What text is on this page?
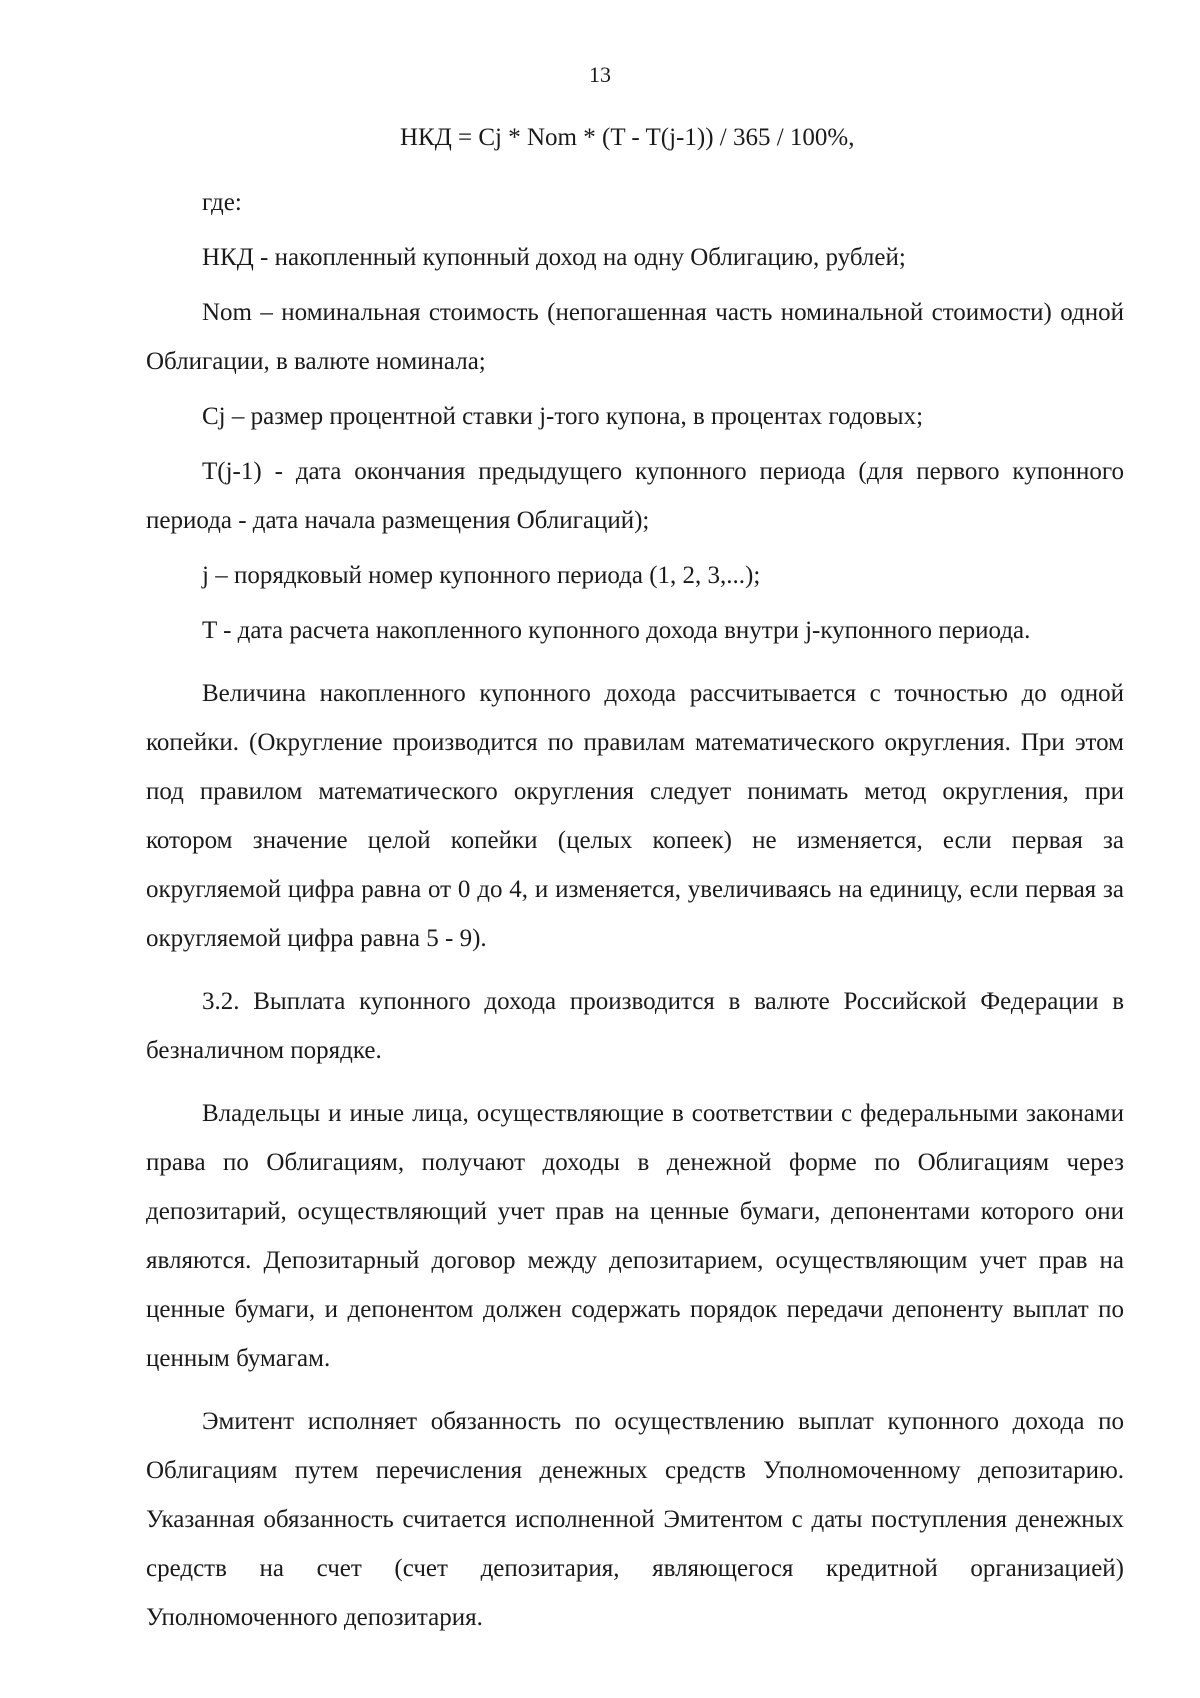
13
НКД = Cj * Nom * (T - T(j-1)) / 365 / 100%,

где:

НКД - накопленный купонный доход на одну Облигацию, рублей;

Nom – номинальная стоимость (непогашенная часть номинальной стоимости) одной Облигации, в валюте номинала;

Cj – размер процентной ставки j-того купона, в процентах годовых;

T(j-1) - дата окончания предыдущего купонного периода (для первого купонного периода - дата начала размещения Облигаций);

j – порядковый номер купонного периода (1, 2, 3,...);

T - дата расчета накопленного купонного дохода внутри j-купонного периода.

Величина накопленного купонного дохода рассчитывается с точностью до одной копейки. (Округление производится по правилам математического округления. При этом под правилом математического округления следует понимать метод округления, при котором значение целой копейки (целых копеек) не изменяется, если первая за округляемой цифра равна от 0 до 4, и изменяется, увеличиваясь на единицу, если первая за округляемой цифра равна 5 - 9).

3.2. Выплата купонного дохода производится в валюте Российской Федерации в безналичном порядке.

Владельцы и иные лица, осуществляющие в соответствии с федеральными законами права по Облигациям, получают доходы в денежной форме по Облигациям через депозитарий, осуществляющий учет прав на ценные бумаги, депонентами которого они являются. Депозитарный договор между депозитарием, осуществляющим учет прав на ценные бумаги, и депонентом должен содержать порядок передачи депоненту выплат по ценным бумагам.

Эмитент исполняет обязанность по осуществлению выплат купонного дохода по Облигациям путем перечисления денежных средств Уполномоченному депозитарию. Указанная обязанность считается исполненной Эмитентом с даты поступления денежных средств на счет (счет депозитария, являющегося кредитной организацией) Уполномоченного депозитария.
